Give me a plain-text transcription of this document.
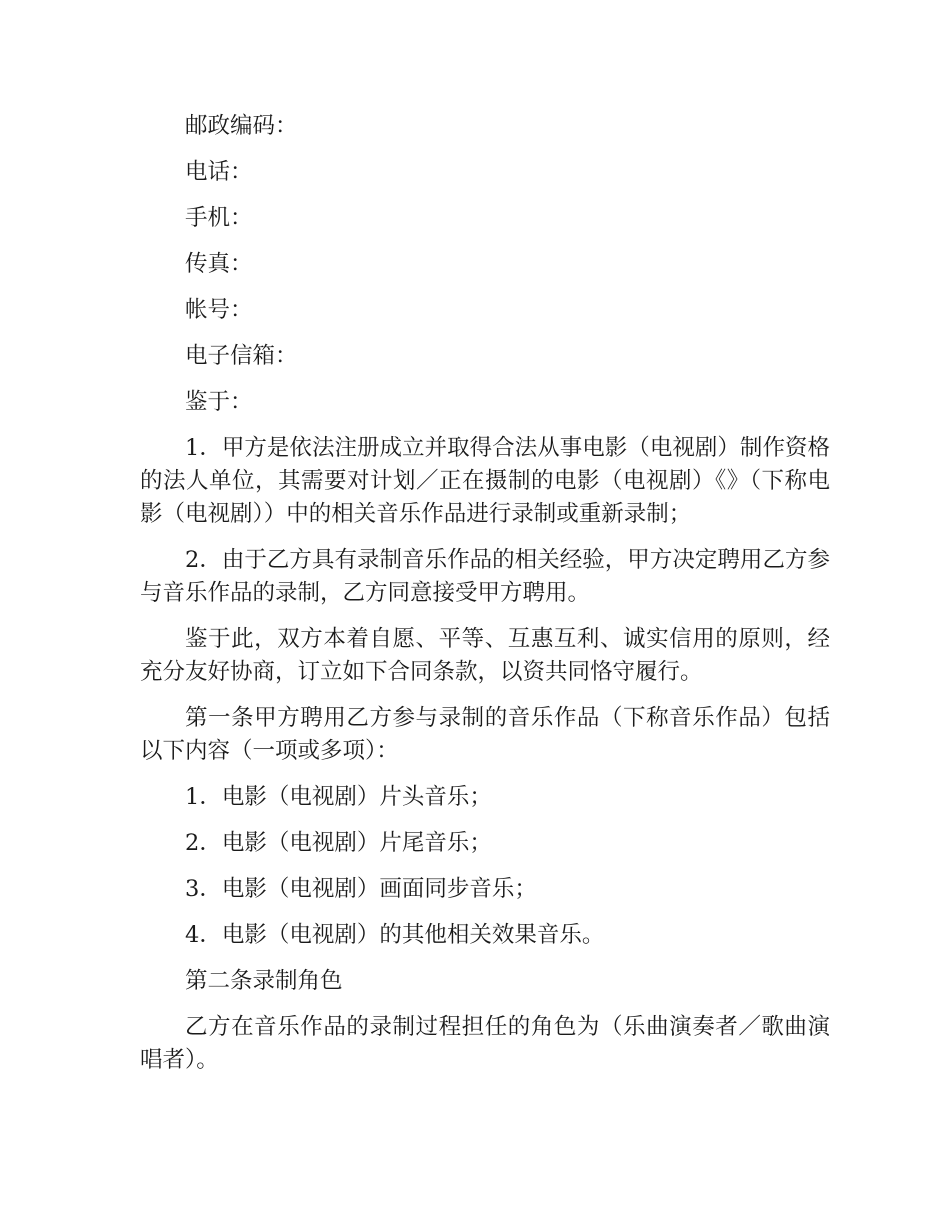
邮政编码：

电话：

手机：

传真：

帐号：

电子信箱：

鉴于：

1．甲方是依法注册成立并取得合法从事电影（电视剧）制作资格的法人单位，其需要对计划／正在摄制的电影（电视剧）《》（下称电影（电视剧））中的相关音乐作品进行录制或重新录制；

2．由于乙方具有录制音乐作品的相关经验，甲方决定聘用乙方参与音乐作品的录制，乙方同意接受甲方聘用。

鉴于此，双方本着自愿、平等、互惠互利、诚实信用的原则，经充分友好协商，订立如下合同条款，以资共同恪守履行。

第一条甲方聘用乙方参与录制的音乐作品（下称音乐作品）包括以下内容（一项或多项）：

1．电影（电视剧）片头音乐；

2．电影（电视剧）片尾音乐；

3．电影（电视剧）画面同步音乐；

4．电影（电视剧）的其他相关效果音乐。

第二条录制角色

乙方在音乐作品的录制过程担任的角色为（乐曲演奏者／歌曲演唱者）。
